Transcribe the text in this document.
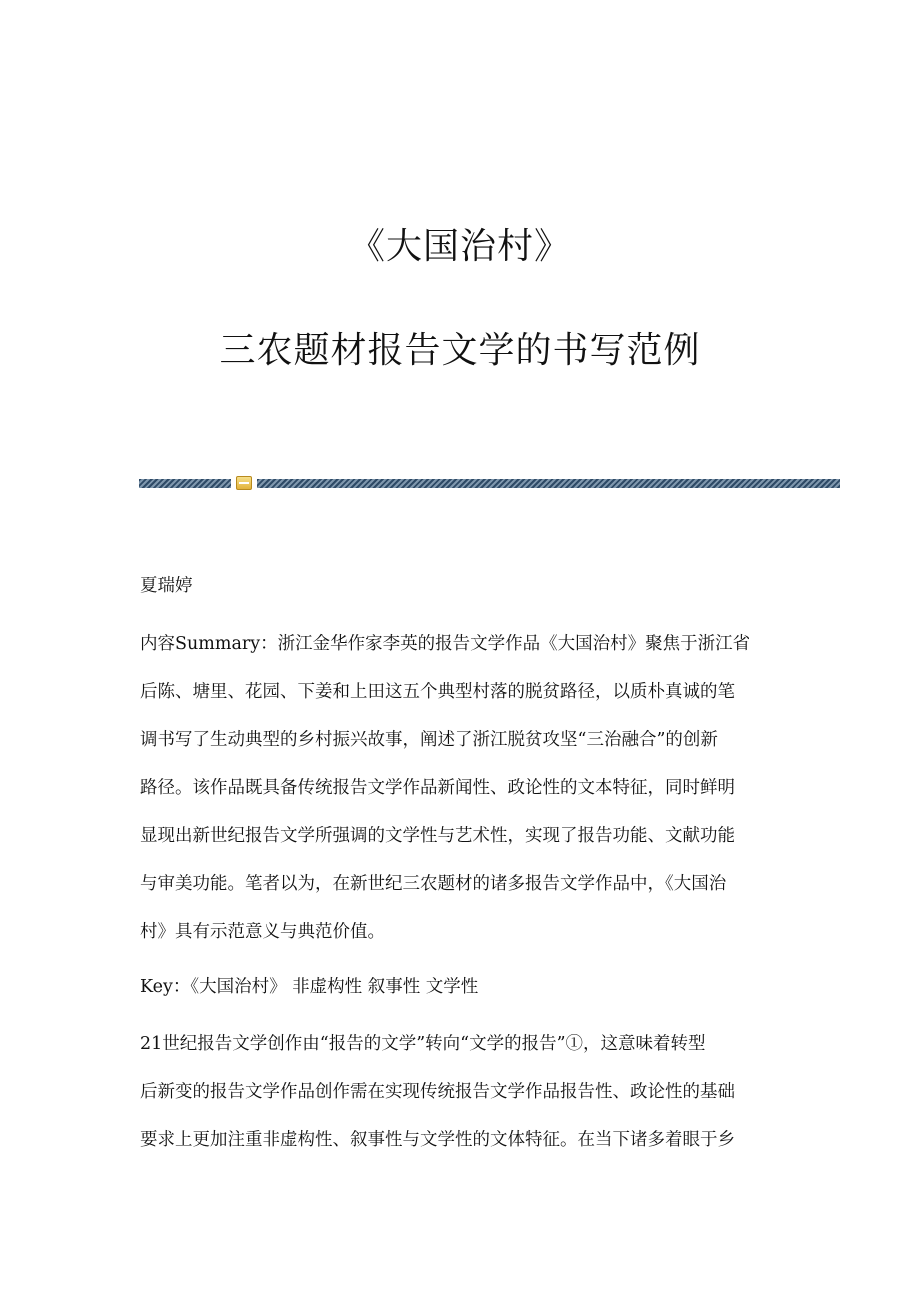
《大国治村》
三农题材报告文学的书写范例
夏瑞婷
内容Summary：浙江金华作家李英的报告文学作品《大国治村》聚焦于浙江省
后陈、塘里、花园、下姜和上田这五个典型村落的脱贫路径，以质朴真诚的笔
调书写了生动典型的乡村振兴故事，阐述了浙江脱贫攻坚“三治融合”的创新
路径。该作品既具备传统报告文学作品新闻性、政论性的文本特征，同时鲜明
显现出新世纪报告文学所强调的文学性与艺术性，实现了报告功能、文献功能
与审美功能。笔者以为，在新世纪三农题材的诸多报告文学作品中，《大国治
村》具有示范意义与典范价值。
Key：《大国治村》 非虚构性 叙事性 文学性
21世纪报告文学创作由“报告的文学”转向“文学的报告”①，这意味着转型
后新变的报告文学作品创作需在实现传统报告文学作品报告性、政论性的基础
要求上更加注重非虚构性、叙事性与文学性的文体特征。在当下诸多着眼于乡
